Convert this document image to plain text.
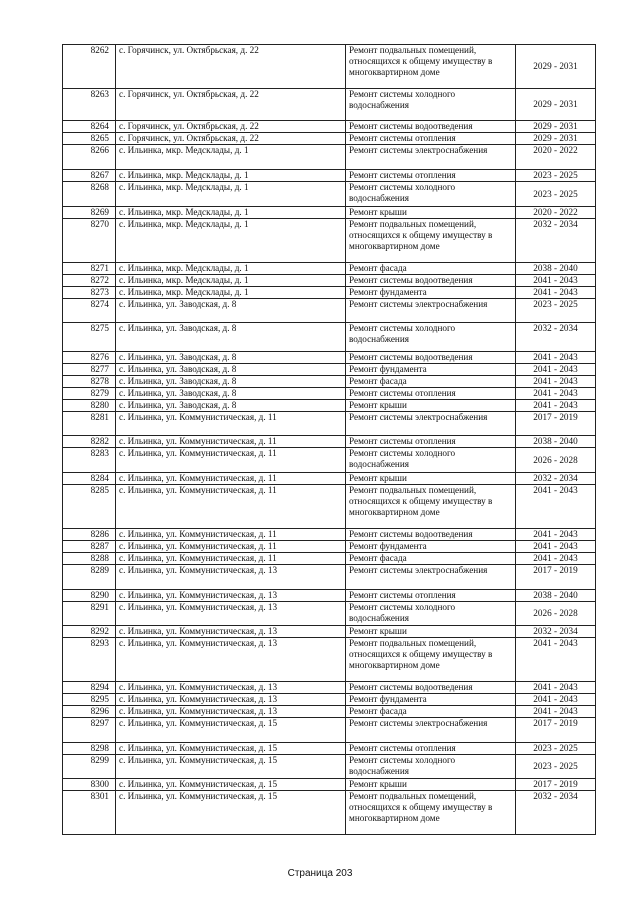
8262	с. Горячинск, ул. Октябрьская, д. 22	Ремонт подвальных помещений, относящихся к общему имуществу в многоквартирном доме	2029 - 2031
8263	с. Горячинск, ул. Октябрьская, д. 22	Ремонт системы холодного водоснабжения	2029 - 2031
8264	с. Горячинск, ул. Октябрьская, д. 22	Ремонт системы водоотведения	2029 - 2031
8265	с. Горячинск, ул. Октябрьская, д. 22	Ремонт системы отопления	2029 - 2031
8266	с. Ильинка, мкр. Медсклады, д. 1	Ремонт системы электроснабжения	2020 - 2022
8267	с. Ильинка, мкр. Медсклады, д. 1	Ремонт системы отопления	2023 - 2025
8268	с. Ильинка, мкр. Медсклады, д. 1	Ремонт системы холодного водоснабжения	2023 - 2025
8269	с. Ильинка, мкр. Медсклады, д. 1	Ремонт крыши	2020 - 2022
8270	с. Ильинка, мкр. Медсклады, д. 1	Ремонт подвальных помещений, относящихся к общему имуществу в многоквартирном доме	2032 - 2034
8271	с. Ильинка, мкр. Медсклады, д. 1	Ремонт фасада	2038 - 2040
8272	с. Ильинка, мкр. Медсклады, д. 1	Ремонт системы водоотведения	2041 - 2043
8273	с. Ильинка, мкр. Медсклады, д. 1	Ремонт фундамента	2041 - 2043
8274	с. Ильинка, ул. Заводская, д. 8	Ремонт системы электроснабжения	2023 - 2025
8275	с. Ильинка, ул. Заводская, д. 8	Ремонт системы холодного водоснабжения	2032 - 2034
8276	с. Ильинка, ул. Заводская, д. 8	Ремонт системы водоотведения	2041 - 2043
8277	с. Ильинка, ул. Заводская, д. 8	Ремонт фундамента	2041 - 2043
8278	с. Ильинка, ул. Заводская, д. 8	Ремонт фасада	2041 - 2043
8279	с. Ильинка, ул. Заводская, д. 8	Ремонт системы отопления	2041 - 2043
8280	с. Ильинка, ул. Заводская, д. 8	Ремонт крыши	2041 - 2043
8281	с. Ильинка, ул. Коммунистическая, д. 11	Ремонт системы электроснабжения	2017 - 2019
8282	с. Ильинка, ул. Коммунистическая, д. 11	Ремонт системы отопления	2038 - 2040
8283	с. Ильинка, ул. Коммунистическая, д. 11	Ремонт системы холодного водоснабжения	2026 - 2028
8284	с. Ильинка, ул. Коммунистическая, д. 11	Ремонт крыши	2032 - 2034
8285	с. Ильинка, ул. Коммунистическая, д. 11	Ремонт подвальных помещений, относящихся к общему имуществу в многоквартирном доме	2041 - 2043
8286	с. Ильинка, ул. Коммунистическая, д. 11	Ремонт системы водоотведения	2041 - 2043
8287	с. Ильинка, ул. Коммунистическая, д. 11	Ремонт фундамента	2041 - 2043
8288	с. Ильинка, ул. Коммунистическая, д. 11	Ремонт фасада	2041 - 2043
8289	с. Ильинка, ул. Коммунистическая, д. 13	Ремонт системы электроснабжения	2017 - 2019
8290	с. Ильинка, ул. Коммунистическая, д. 13	Ремонт системы отопления	2038 - 2040
8291	с. Ильинка, ул. Коммунистическая, д. 13	Ремонт системы холодного водоснабжения	2026 - 2028
8292	с. Ильинка, ул. Коммунистическая, д. 13	Ремонт крыши	2032 - 2034
8293	с. Ильинка, ул. Коммунистическая, д. 13	Ремонт подвальных помещений, относящихся к общему имуществу в многоквартирном доме	2041 - 2043
8294	с. Ильинка, ул. Коммунистическая, д. 13	Ремонт системы водоотведения	2041 - 2043
8295	с. Ильинка, ул. Коммунистическая, д. 13	Ремонт фундамента	2041 - 2043
8296	с. Ильинка, ул. Коммунистическая, д. 13	Ремонт фасада	2041 - 2043
8297	с. Ильинка, ул. Коммунистическая, д. 15	Ремонт системы электроснабжения	2017 - 2019
8298	с. Ильинка, ул. Коммунистическая, д. 15	Ремонт системы отопления	2023 - 2025
8299	с. Ильинка, ул. Коммунистическая, д. 15	Ремонт системы холодного водоснабжения	2023 - 2025
8300	с. Ильинка, ул. Коммунистическая, д. 15	Ремонт крыши	2017 - 2019
8301	с. Ильинка, ул. Коммунистическая, д. 15	Ремонт подвальных помещений, относящихся к общему имуществу в многоквартирном доме	2032 - 2034
Страница 203
